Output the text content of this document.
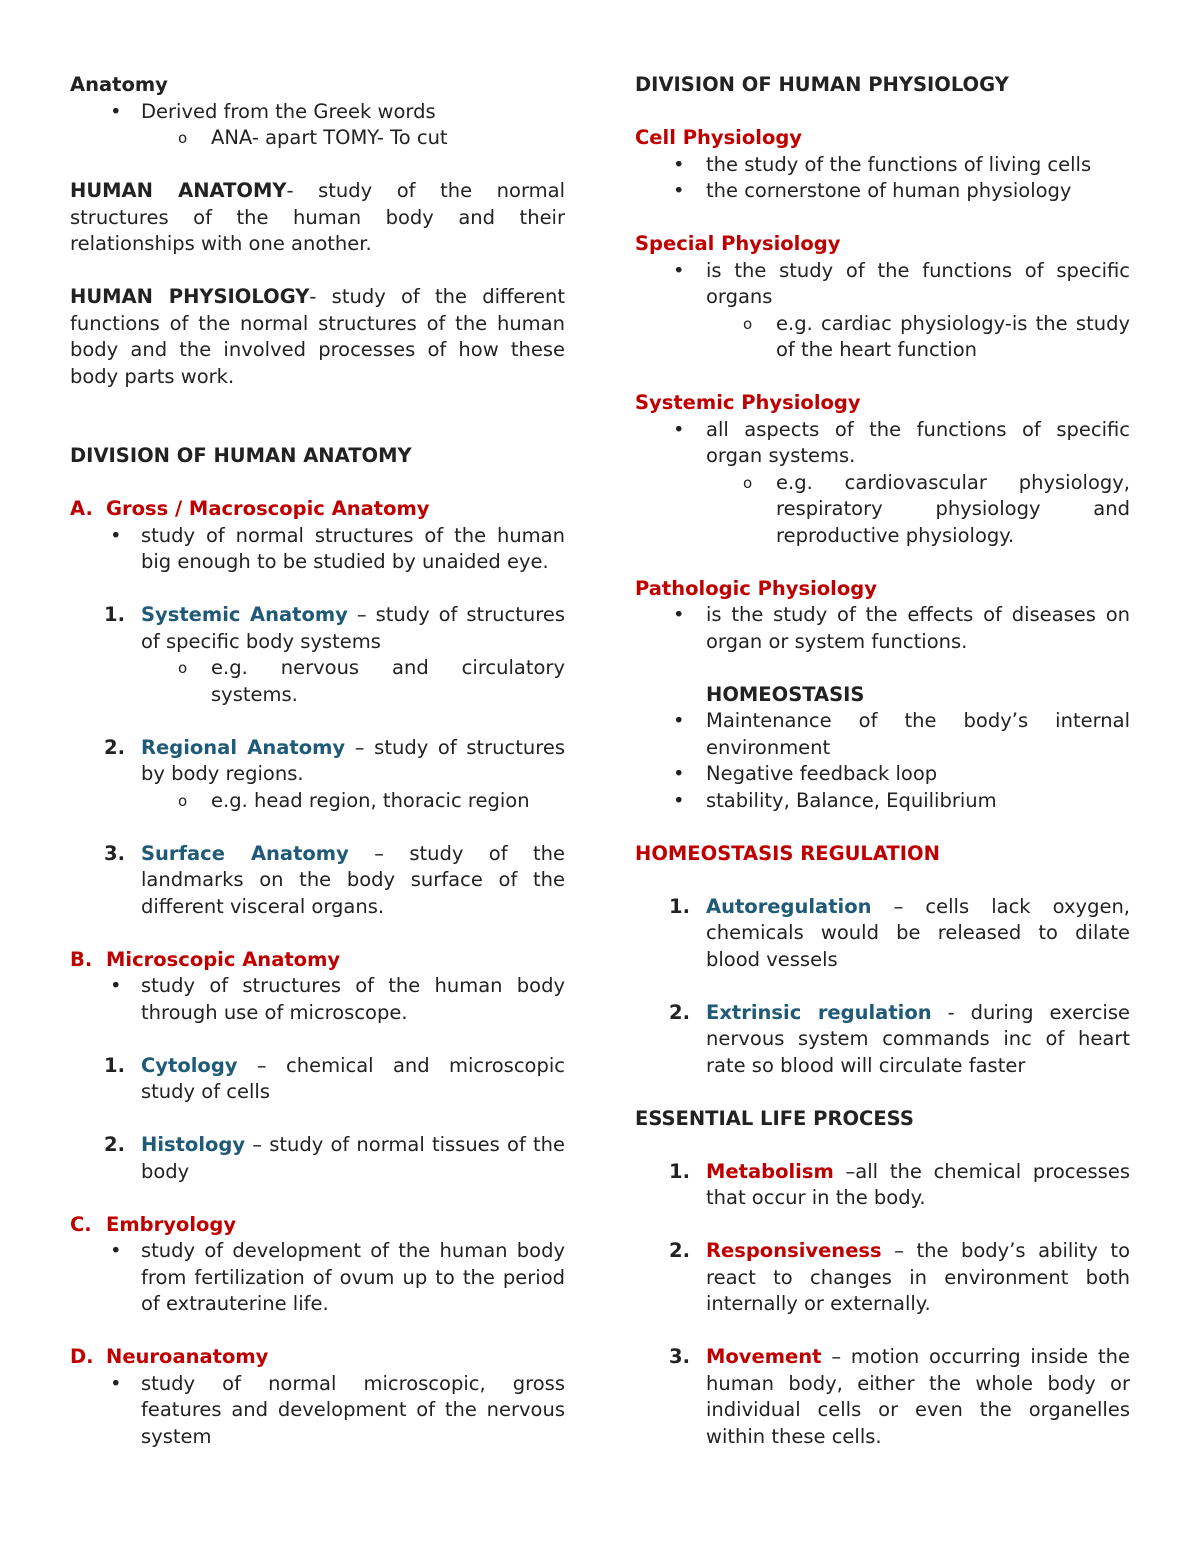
Anatomy
• Derived from the Greek words
o	ANA- apart TOMY- To cut

HUMAN ANATOMY- study of the normal structures of the human body and their relationships with one another.

HUMAN PHYSIOLOGY- study of the different functions of the normal structures of the human body and the involved processes of how these body parts work.

DIVISION OF HUMAN ANATOMY
A. Gross / Macroscopic Anatomy
• study of normal structures of the human big enough to be studied by unaided eye.
1. Systemic Anatomy – study of structures of specific body systems
o	e.g. nervous and circulatory systems.
2. Regional Anatomy – study of structures by body regions.
o	e.g. head region, thoracic region
3. Surface Anatomy – study of the landmarks on the body surface of the different visceral organs.
B. Microscopic Anatomy
• study of structures of the human body through use of microscope.
1. Cytology – chemical and microscopic study of cells
2. Histology – study of normal tissues of the body
C. Embryology
• study of development of the human body from fertilization of ovum up to the period of extrauterine life.
D. Neuroanatomy
• study of normal microscopic, gross features and development of the nervous system
DIVISION OF HUMAN PHYSIOLOGY
Cell Physiology
•	the study of the functions of living cells
•	the cornerstone of human physiology
Special Physiology
•	is the study of the functions of specific organs
o	e.g. cardiac physiology-is the study of the heart function
Systemic Physiology
•	all aspects of the functions of specific organ systems.
o	e.g. cardiovascular physiology, respiratory physiology and reproductive physiology.
Pathologic Physiology
•	is the study of the effects of diseases on organ or system functions.
HOMEOSTASIS
•	Maintenance of the body’s internal environment
•	Negative feedback loop
•	stability, Balance, Equilibrium
HOMEOSTASIS REGULATION
1. Autoregulation – cells lack oxygen, chemicals would be released to dilate blood vessels
2. Extrinsic regulation - during exercise nervous system commands inc of heart rate so blood will circulate faster
ESSENTIAL LIFE PROCESS
1. Metabolism –all the chemical processes that occur in the body.
2. Responsiveness – the body’s ability to react to changes in environment both internally or externally.
3. Movement – motion occurring inside the human body, either the whole body or individual cells or even the organelles within these cells.
